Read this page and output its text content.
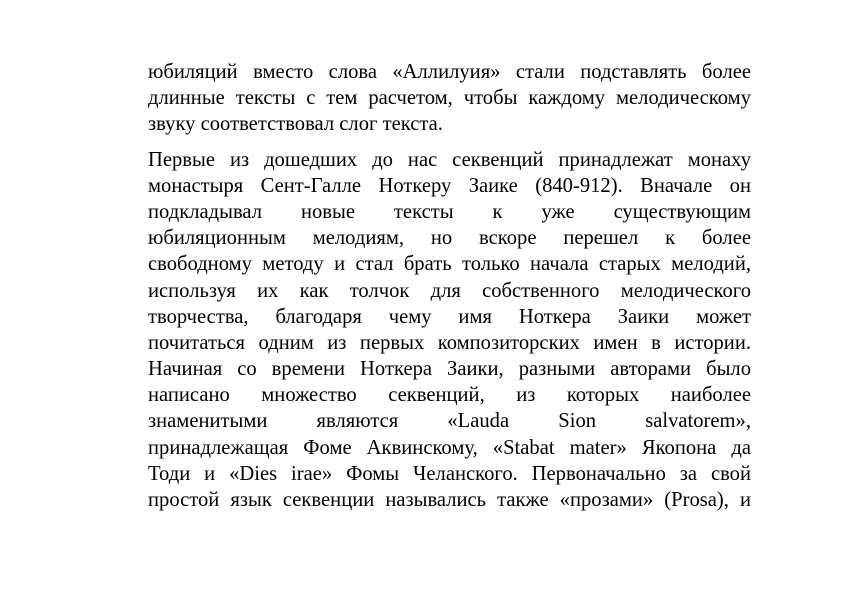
юбиляций вместо слова «Аллилуия» стали подставлять более
длинные тексты с тем расчетом, чтобы каждому мелодическому
звуку соответствовал слог текста.
Первые из дошедших до нас секвенций принадлежат монаху
монастыря Сент-Галле Ноткеру Заике (840-912). Вначале он
подкладывал новые тексты к уже существующим
юбиляционным мелодиям, но вскоре перешел к более
свободному методу и стал брать только начала старых мелодий,
используя их как толчок для собственного мелодического
творчества, благодаря чему имя Ноткера Заики может
почитаться одним из первых композиторских имен в истории.
Начиная со времени Ноткера Заики, разными авторами было
написано множество секвенций, из которых наиболее
знаменитыми являются «Lauda Sion salvatorem»,
принадлежащая Фоме Аквинскому, «Stabat mater» Якопона да
Тоди и «Dies irae» Фомы Челанского. Первоначально за свой
простой язык секвенции назывались также «прозами» (Prosa), и
